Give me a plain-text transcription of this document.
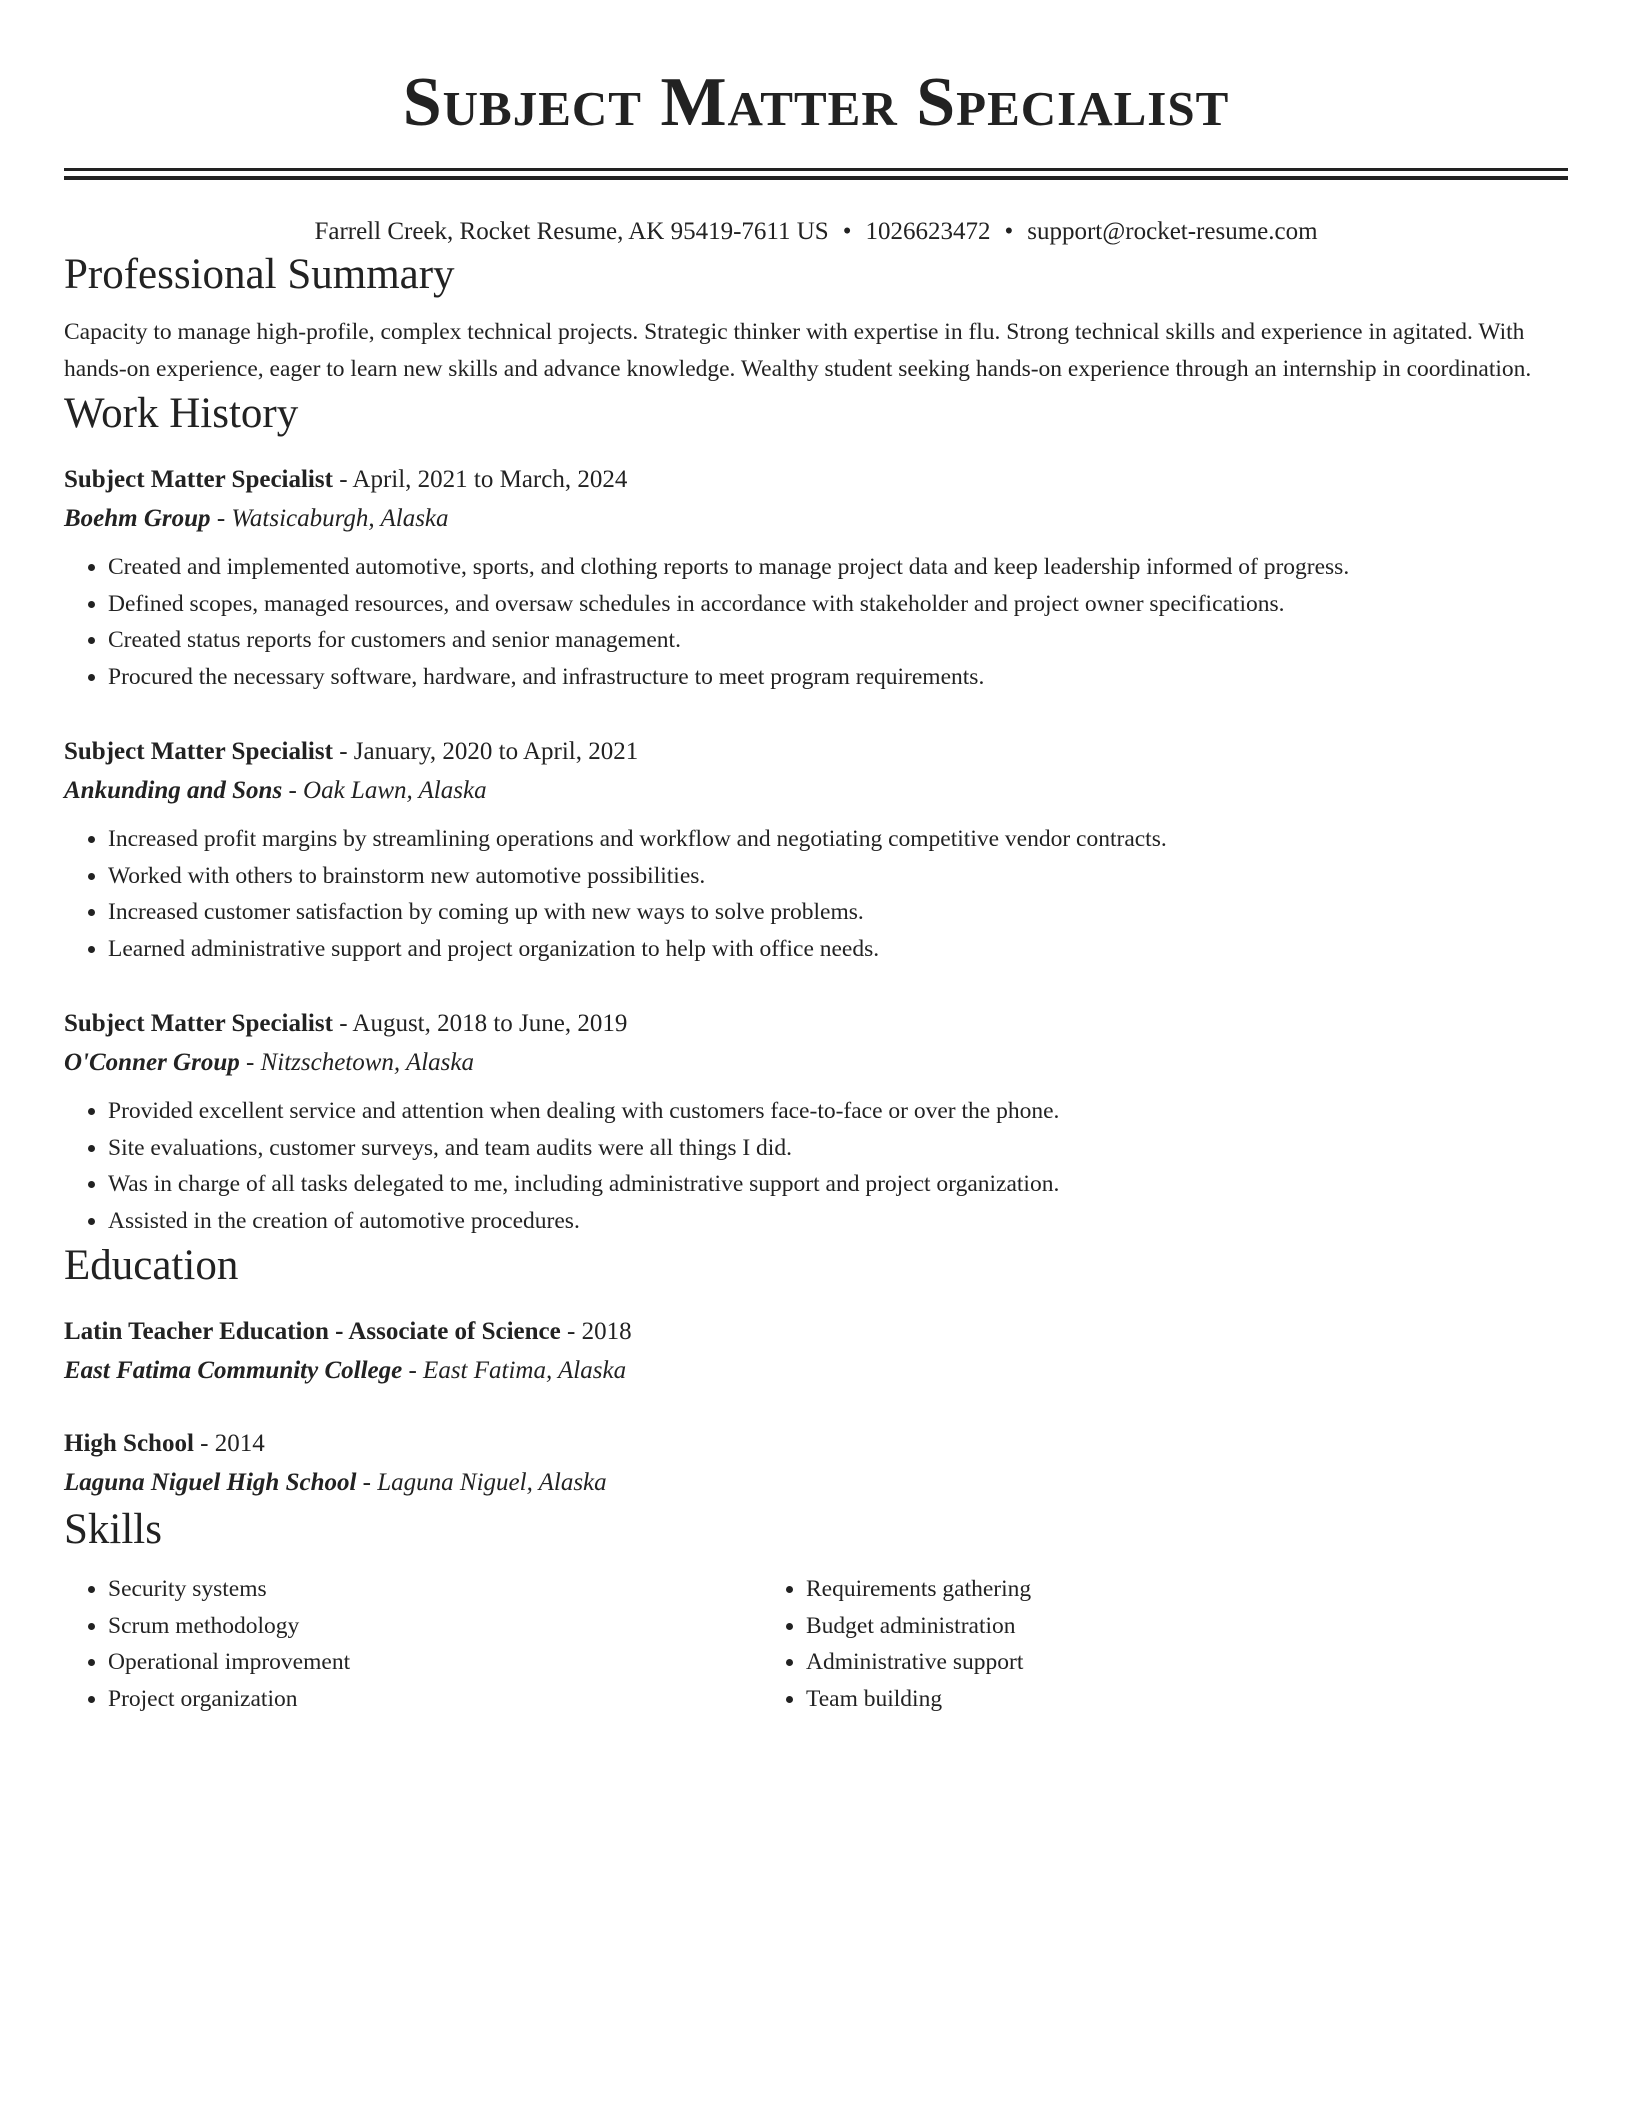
Subject Matter Specialist
Farrell Creek, Rocket Resume, AK 95419-7611 US • 1026623472 • support@rocket-resume.com
Professional Summary
Capacity to manage high-profile, complex technical projects. Strategic thinker with expertise in flu. Strong technical skills and experience in agitated. With hands-on experience, eager to learn new skills and advance knowledge. Wealthy student seeking hands-on experience through an internship in coordination.
Work History
Subject Matter Specialist - April, 2021 to March, 2024
Boehm Group - Watsicaburgh, Alaska
• Created and implemented automotive, sports, and clothing reports to manage project data and keep leadership informed of progress.
• Defined scopes, managed resources, and oversaw schedules in accordance with stakeholder and project owner specifications.
• Created status reports for customers and senior management.
• Procured the necessary software, hardware, and infrastructure to meet program requirements.
Subject Matter Specialist - January, 2020 to April, 2021
Ankunding and Sons - Oak Lawn, Alaska
• Increased profit margins by streamlining operations and workflow and negotiating competitive vendor contracts.
• Worked with others to brainstorm new automotive possibilities.
• Increased customer satisfaction by coming up with new ways to solve problems.
• Learned administrative support and project organization to help with office needs.
Subject Matter Specialist - August, 2018 to June, 2019
O'Conner Group - Nitzschetown, Alaska
• Provided excellent service and attention when dealing with customers face-to-face or over the phone.
• Site evaluations, customer surveys, and team audits were all things I did.
• Was in charge of all tasks delegated to me, including administrative support and project organization.
• Assisted in the creation of automotive procedures.
Education
Latin Teacher Education - Associate of Science - 2018
East Fatima Community College - East Fatima, Alaska
High School - 2014
Laguna Niguel High School - Laguna Niguel, Alaska
Skills
• Security systems
• Scrum methodology
• Operational improvement
• Project organization
• Requirements gathering
• Budget administration
• Administrative support
• Team building
